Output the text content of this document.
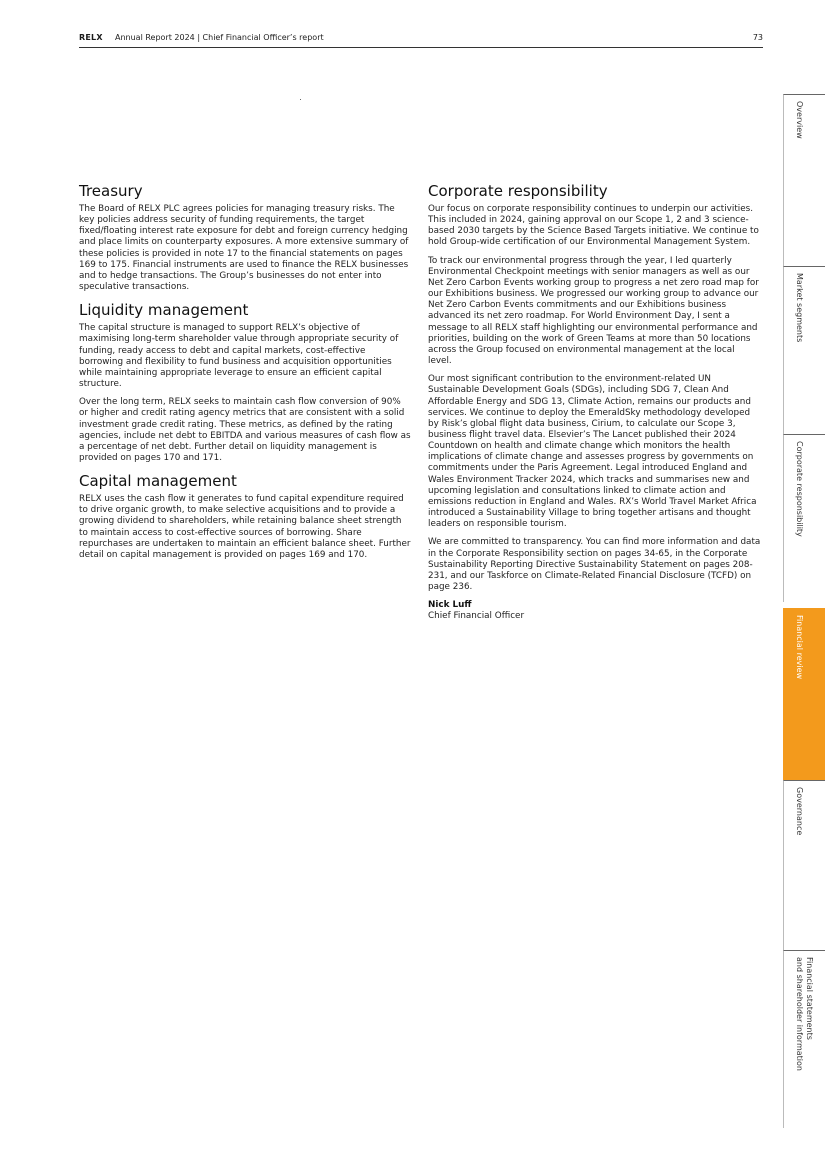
RELX Annual Report 2024 | Chief Financial Officer’s report	73
Treasury

The Board of RELX PLC agrees policies for managing treasury risks. The key policies address security of funding requirements, the target fixed/floating interest rate exposure for debt and foreign currency hedging and place limits on counterparty exposures. A more extensive summary of these policies is provided in note 17 to the financial statements on pages 169 to 175. Financial instruments are used to finance the RELX businesses and to hedge transactions. The Group’s businesses do not enter into speculative transactions.

Liquidity management

The capital structure is managed to support RELX’s objective of maximising long-term shareholder value through appropriate security of funding, ready access to debt and capital markets, cost-effective borrowing and flexibility to fund business and acquisition opportunities while maintaining appropriate leverage to ensure an efficient capital structure.

Over the long term, RELX seeks to maintain cash flow conversion of 90% or higher and credit rating agency metrics that are consistent with a solid investment grade credit rating. These metrics, as defined by the rating agencies, include net debt to EBITDA and various measures of cash flow as a percentage of net debt. Further detail on liquidity management is provided on pages 170 and 171.

Capital management

RELX uses the cash flow it generates to fund capital expenditure required to drive organic growth, to make selective acquisitions and to provide a growing dividend to shareholders, while retaining balance sheet strength to maintain access to cost-effective sources of borrowing. Share repurchases are undertaken to maintain an efficient balance sheet. Further detail on capital management is provided on pages 169 and 170.

Corporate responsibility

Our focus on corporate responsibility continues to underpin our activities. This included in 2024, gaining approval on our Scope 1, 2 and 3 science-based 2030 targets by the Science Based Targets initiative. We continue to hold Group-wide certification of our Environmental Management System.

To track our environmental progress through the year, I led quarterly Environmental Checkpoint meetings with senior managers as well as our Net Zero Carbon Events working group to progress a net zero road map for our Exhibitions business. We progressed our working group to advance our Net Zero Carbon Events commitments and our Exhibitions business advanced its net zero roadmap. For World Environment Day, I sent a message to all RELX staff highlighting our environmental performance and priorities, building on the work of Green Teams at more than 50 locations across the Group focused on environmental management at the local level.

Our most significant contribution to the environment-related UN Sustainable Development Goals (SDGs), including SDG 7, Clean And Affordable Energy and SDG 13, Climate Action, remains our products and services. We continue to deploy the EmeraldSky methodology developed by Risk’s global flight data business, Cirium, to calculate our Scope 3, business flight travel data. Elsevier’s The Lancet published their 2024 Countdown on health and climate change which monitors the health implications of climate change and assesses progress by governments on commitments under the Paris Agreement. Legal introduced England and Wales Environment Tracker 2024, which tracks and summarises new and upcoming legislation and consultations linked to climate action and emissions reduction in England and Wales. RX’s World Travel Market Africa introduced a Sustainability Village to bring together artisans and thought leaders on responsible tourism.

We are committed to transparency. You can find more information and data in the Corporate Responsibility section on pages 34-65, in the Corporate Sustainability Reporting Directive Sustainability Statement on pages 208-231, and our Taskforce on Climate-Related Financial Disclosure (TCFD) on page 236.

Nick Luff
Chief Financial Officer
Overview
Market segments
Corporate responsibility
Financial review
Governance
Financial statements
and shareholder information
